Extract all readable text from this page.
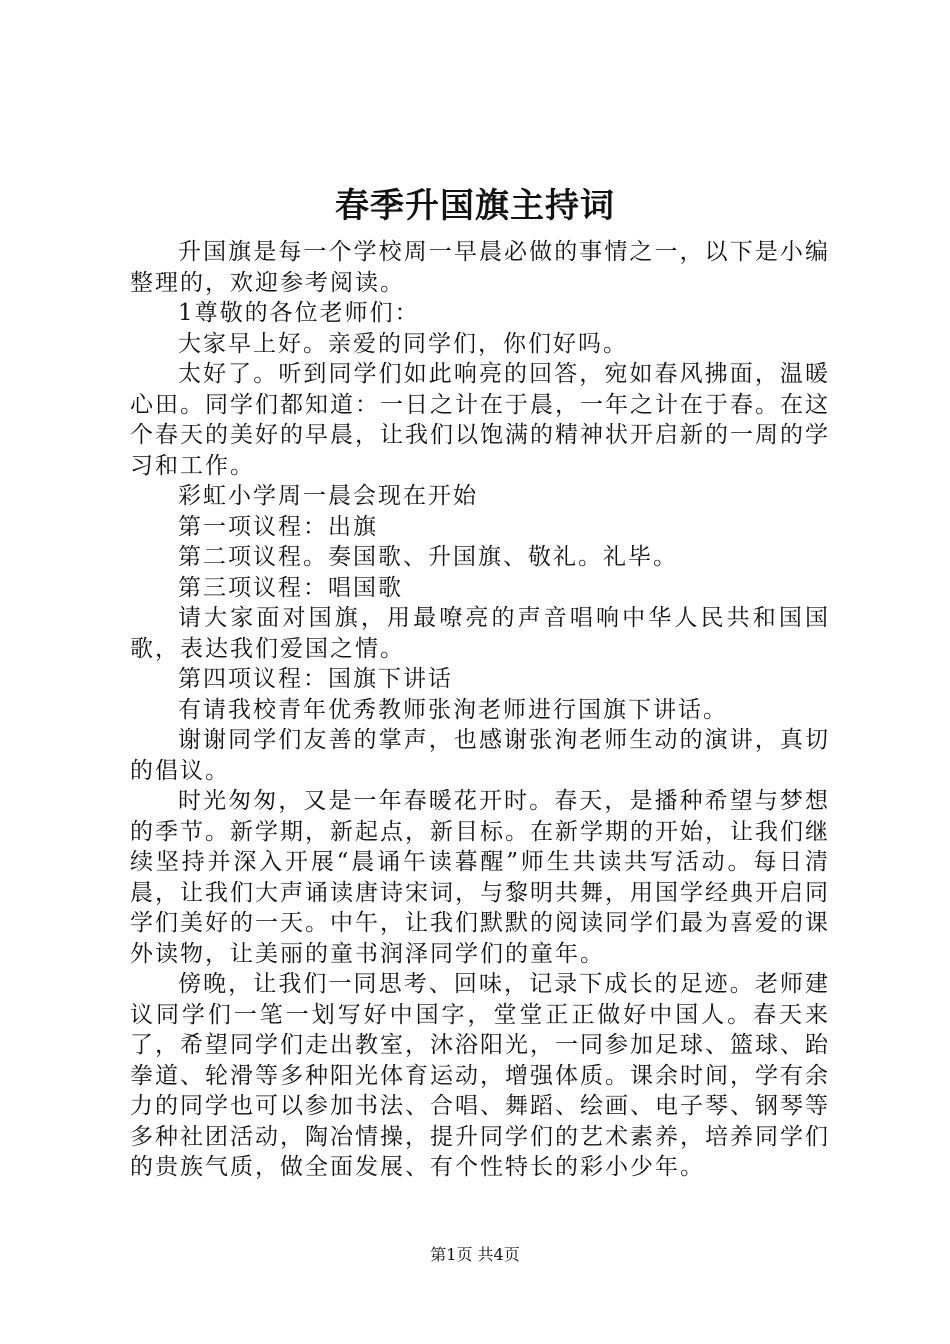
春季升国旗主持词

升国旗是每一个学校周一早晨必做的事情之一，以下是小编整理的，欢迎参考阅读。

1尊敬的各位老师们：

大家早上好。亲爱的同学们，你们好吗。

太好了。听到同学们如此响亮的回答，宛如春风拂面，温暖心田。同学们都知道：一日之计在于晨，一年之计在于春。在这个春天的美好的早晨，让我们以饱满的精神状开启新的一周的学习和工作。

彩虹小学周一晨会现在开始

第一项议程：出旗

第二项议程。奏国歌、升国旗、敬礼。礼毕。

第三项议程：唱国歌

请大家面对国旗，用最嘹亮的声音唱响中华人民共和国国歌，表达我们爱国之情。

第四项议程：国旗下讲话

有请我校青年优秀教师张洵老师进行国旗下讲话。

谢谢同学们友善的掌声，也感谢张洵老师生动的演讲，真切的倡议。

时光匆匆，又是一年春暖花开时。春天，是播种希望与梦想的季节。新学期，新起点，新目标。在新学期的开始，让我们继续坚持并深入开展“晨诵午读暮醒”师生共读共写活动。每日清晨，让我们大声诵读唐诗宋词，与黎明共舞，用国学经典开启同学们美好的一天。中午，让我们默默的阅读同学们最为喜爱的课外读物，让美丽的童书润泽同学们的童年。

傍晚，让我们一同思考、回味，记录下成长的足迹。老师建议同学们一笔一划写好中国字，堂堂正正做好中国人。春天来了，希望同学们走出教室，沐浴阳光，一同参加足球、篮球、跆拳道、轮滑等多种阳光体育运动，增强体质。课余时间，学有余力的同学也可以参加书法、合唱、舞蹈、绘画、电子琴、钢琴等多种社团活动，陶冶情操，提升同学们的艺术素养，培养同学们的贵族气质，做全面发展、有个性特长的彩小少年。

第1页 共4页
